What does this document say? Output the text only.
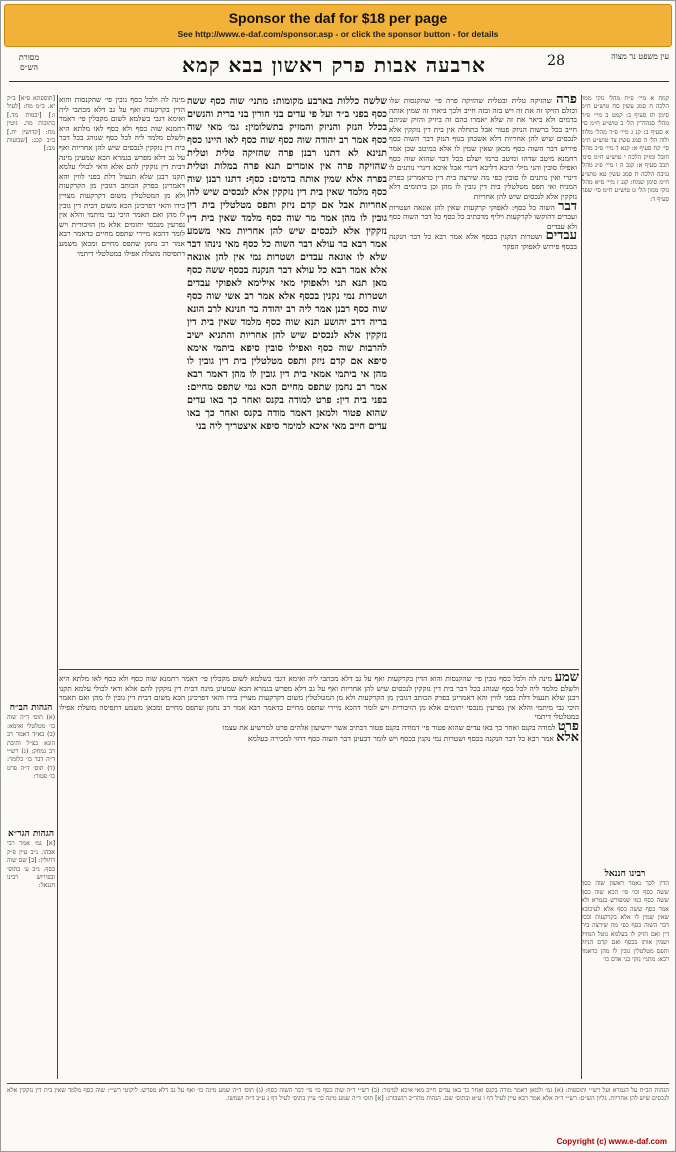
Sponsor the daf for $18 per page
See http://www.e-daf.com/sponsor.asp - or click the sponsor button - for details
עין משפט נר מצוה
28
ארבעה אבות פרק ראשון בבא קמא
מסורת הש״ס
קמח א מיי׳ פ״ח מהל׳ נזקי ממון הלכה ח סמג עשין סח טוש״ע ח״מ סימן תז סעיף ב: קמט ב מיי׳ פ״ח מהל׳ סנהדרין הל׳ ב טוש״ע ח״מ סי׳ א סעיף ב: קנ ג מיי׳ פ״ד מהל׳ מלוה ולוה הל׳ ה סמג עשין צד טוש״ע ח״מ סי׳ קח סעיף א: קנא ד מיי׳ פ״ב מהל׳ חובל ומזיק הלכה י טוש״ע ח״מ סימן תכב סעיף א: קנב ה ו מיי׳ פ״ג מהל׳ גניבה הלכה ח סמג עשין עא טוש״ע ח״מ סימן שמח: קנג ז מיי׳ פ״א מהל׳ נזקי ממון הל׳ ט טוש״ע ח״מ סי׳ שפח סעיף ד:
רבינו חננאל
הדין לכך נאמר ראשון שוה כסף ששה כסף וכו׳ פי׳ הכא שוה כסף ששה כסף כמו שמפורש בגמרא ולא אמר כסף ששה כסף אלא לעיכובא שאין שמין לו אלא בקרקעות ובכל דבר השוה כסף כפי מה שירצה בית דין ואם הזיק לו בעלמא נוטל המזיק ושמין אותו בכסף ואם קדם הניזק ותפס מטלטלין גובין לו מהן כדאמר רבא: מתני׳ נזקי בני אדם כו׳
פרה שהזיקה טלית ובטלית שהזיקה פרה פי׳ שהקנסות שלו וכולם הזיקו זה את זה ויש בזה ובזה חייב ולכך ביארו זה שמין אותה בדמים ולא ביאר את זה שלא יאמרו בהם זה ביזיק והזיק שניהם חייב בכל כרשות הניזק פטור אבל בתחלה אין בית דין נזקקין אלא לנכסים שיש להן אחריות דלא אשכחן בגוף הנזק דבר השוה כסף פירוש דבר השוה כסף מכאן שאין שמין לו אלא במיטב שכן אמר רחמנא מיטב שדהו ומיטב כרמו ישלם בכל דבר שהוא שוה כסף ואפילו סובין והני מילי היכא דליכא דינרי אבל איכא דינרי נותנים לו דינרי ואין נותנים לו סובין כפי מה שירצה בית דין כדאמרינן בפרק המניח ואי תפס מטלטלין בית דין גובין לו מהן וכן ביתומים דלא נזקקין אלא לנכסים שיש להן אחריות
דבר השוה כל כסף: לאפוקי קרקעות שאין להן אונאה ושטרות ועבדים דהוקשו לקרקעות ויליף מדכתיב כל כסף כל דבר השוה כסף ולא עבדים
עבדים ושטרות דנקנין בכסף אלא אמר רבא כל דבר הנקנה בכסף פירוש לאפוקי הפקר
שלשה כללות בארבע מקומות: מתני׳ שוה כסף ששה כסף בפני ב״ד ועל פי עדים בני חורין בני ברית והנשים בכלל הנזק והניזק והמזיק בתשלומין: גמ׳ מאי שוה כסף אמר רב יהודה שוה כסף שוה כסף לאו היינו כסף תנינא לא דתנו רבנן פרה שהזיקה טלית וטלית שהזיקה פרה אין אומרים תנא פרה במלות וטלית בפרה אלא שמין אותה בדמים: כסף: דתנו רבנן שוה כסף מלמד שאין בית דין נזקקין אלא לנכסים שיש להן אחריות אבל אם קדם ניזק ותפס מטלטלין בית דין גובין לו מהן אמר מר שוה כסף מלמד שאין בית דין נזקקין אלא לנכסים שיש להן אחריות מאי משמע אמר רבא בר עולא דבר השוה כל כסף מאי נינהו דבר שלא לו אונאה עבדים ושטרות נמי אין להן אונאה אלא אמר רבא כל עולא דבר הנקנה בכסף ששה כסף מאן תנא תני ולאפוקי מאי אילימא לאפוקי עבדים ושטרות נמי נקנין בכסף אלא אמר רב אשי שוה כסף שוה כסף רבנן אמר ליה רב יהודה בר חנינא לרב הונא בריה דרב יהושע תנא שוה כסף מלמד שאין בית דין נזקקין אלא לנכסים שיש להן אחריות והתניא ישיב להרבות שוה כסף ואפילו סובין סיפא ביתמי אימא סיפא אם קדם ניזק ותפס מטלטלין בית דין גובין לו מהן אי ביתמי אמאי בית דין גובין לו מהן דאמר רבא אמר רב נחמן שתפס מחיים הכא נמי שתפס מחיים: בפני בית דין: פרט למודה בקנס ואחר כך באו עדים שהוא פטור ולמאן דאמר מודה בקנס ואחר כך באו עדים חייב מאי איכא למימר סיפא איצטריך ליה בני
מינה לה ולכל כסף גובין פי׳ שהקנסות והוא הדין בקרקעות ואף על גב דלא מכתבי ליה ואימא דגבי בשלמא לשום מקבלין פי׳ דאמר רחמנא שוה כסף ולא כסף לאו מלתא היא ולשלם מלמד ליה לכל כסף שנוהג בכל דבר בית דין נזקקין לנכסים שיש להן אחריות ואף על גב דלא מפרש בגמרא הכא שמעינן מינה דבית דין נזקקין להם אלא ודאי לכולי עלמא תקנו רבנן שלא תנעול דלת בפני לווין והא דאמרינן בפרק הכותב דגובין מן הקרקעות ולא מן המטלטלין משום דקרקעות מצויין בידו והאי דפרכינן הכא משום דבית דין גובין לו מהן ואם תאמר היכי גבי מיתמי והלא אין נפרעין מנכסי יתומים אלא מן הזיבורית ויש לומר דהכא מיירי שתפס מחיים כדאמר רבא אמר רב נחמן שתפס מחיים ומכאן משמע דתפיסה מועלת אפילו במטלטלי דיתמי
[תוספתא פ״א] ב״ק יא. ב״מ מח: [לעיל ו:] [יבמות מד.] כתובות מה. גיטין מח: [קדושין יח.] ב״ב קכג: [שבועות מב:]
הגהות הב״ח
(א) תוס׳ ד״ה שוה כו׳ מטלטלי ואימא: (ב) בא״ד דאמר רב הונא כצ״ל ותיבת רב נמחק: (ג) רש״י ד״ה דבר כו׳ כלומר: (ד) תוס׳ ד״ה פרט כו׳ פטור:
הגהות הגר״א
[א] גמ׳ אמר רבי אבהו. נ״ב עיין פ״ק דחולין: [ב] שם שוה כסף. נ״ב ע׳ בתוס׳ ובפירוש רבינו חננאל:
שמע מינה לה ולכל כסף גובין פי׳ שהקנסות והוא הדין בקרקעות ואף על גב דלא מכתבי ליה ואימא דגבי בשלמא לשום מקבלין פי׳ דאמר רחמנא שוה כסף ולא כסף לאו מלתא היא ולשלם מלמד ליה לכל כסף שנוהג בכל דבר בית דין נזקקין לנכסים שיש להן אחריות ואף על גב דלא מפרש בגמרא הכא שמעינן מינה דבית דין נזקקין להם אלא ודאי לכולי עלמא תקנו רבנן שלא תנעול דלת בפני לווין והא דאמרינן בפרק הכותב דגובין מן הקרקעות ולא מן המטלטלין משום דקרקעות מצויין בידו והאי דפרכינן הכא משום דבית דין גובין לו מהן ואם תאמר היכי גבי מיתמי והלא אין נפרעין מנכסי יתומים אלא מן הזיבורית ויש לומר דהכא מיירי שתפס מחיים כדאמר רבא אמר רב נחמן שתפס מחיים ומכאן משמע דתפיסה מועלת אפילו במטלטלי דיתמי
פרט למודה בקנס ואחר כך באו עדים שהוא פטור פי׳ דמודה בקנס פטור דכתיב אשר ירשיעון אלהים פרט למרשיע את עצמו
אלא אמר רבא כל דבר הנקנה בכסף ושטרות נמי נקנין בכסף ויש לומר דבעינן דבר השוה כסף דחזי למכירה בעלמא
הגהות הב״ח על הגמרא ועל רש״י ותוספות: (א) גמ׳ ולמאן דאמר מודה בקנס ואחר כך באו עדים חייב מאי איכא למימר: (ב) רש״י ד״ה שוה כסף כו׳ פי׳ דבר השוה כסף: (ג) תוס׳ ד״ה שמע מינה כו׳ ואף על גב דלא מפרש: ליקוטי רש״י: שוה כסף מלמד שאין בית דין נזקקין אלא לנכסים שיש להן אחריות. גליון הש״ס: רש״י ד״ה אלא אמר רבא עיין לעיל דף ו ע״א ובתוס׳ שם. הגהות מהר״ב רנשבורג: [א] תוס׳ ד״ה שמע מינה כו׳ עיין בתוס׳ לעיל דף ג ע״ב ד״ה ושמשו.
Copyright (c) www.e-daf.com
